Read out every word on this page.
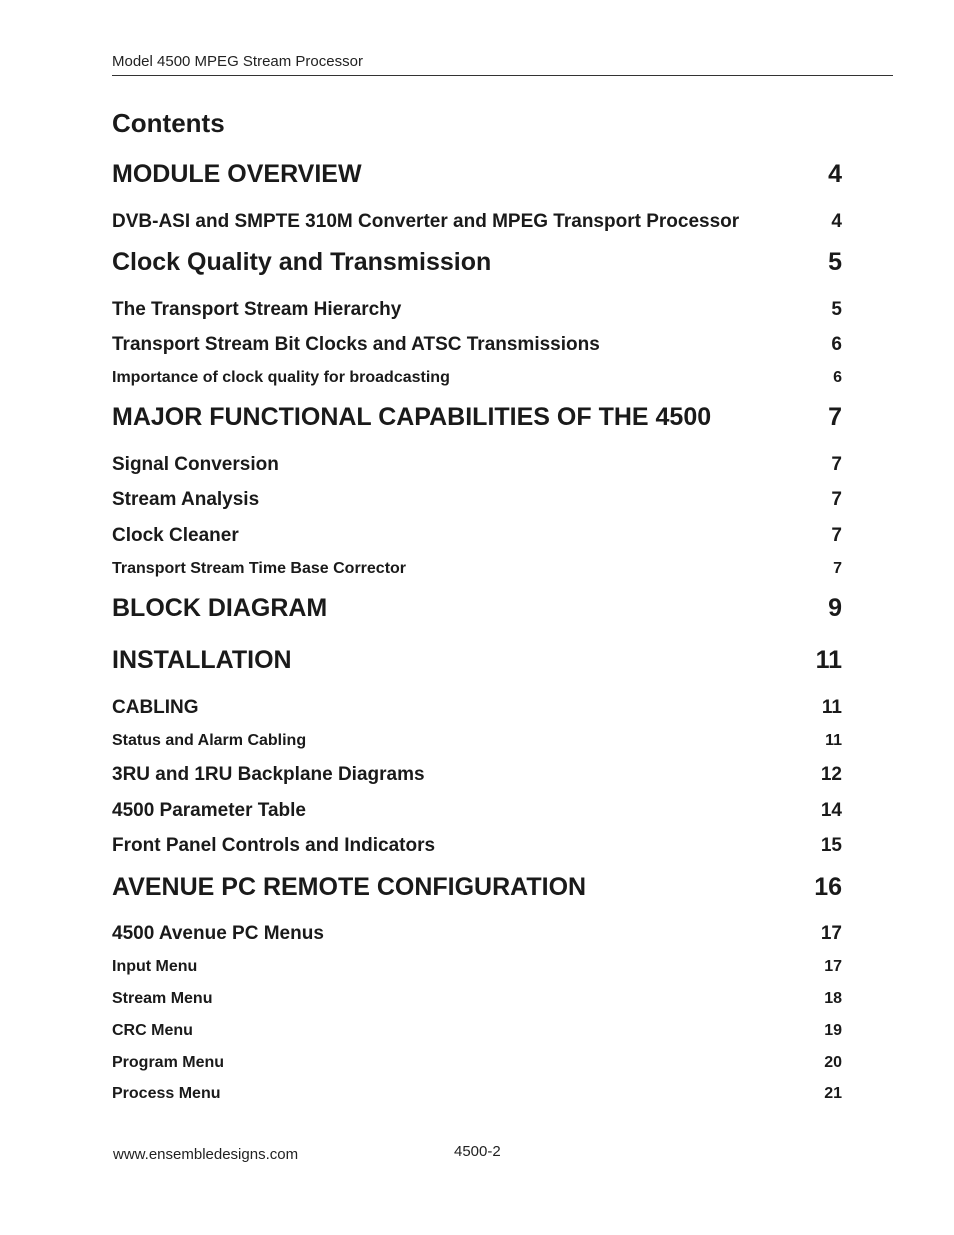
Model 4500 MPEG Stream Processor
Contents
MODULE OVERVIEW	4
DVB-ASI and SMPTE 310M Converter and MPEG Transport Processor	4
Clock Quality and Transmission	5
The Transport Stream Hierarchy	5
Transport Stream Bit Clocks and ATSC Transmissions	6
Importance of clock quality for broadcasting	6
MAJOR FUNCTIONAL CAPABILITIES OF THE 4500	7
Signal Conversion	7
Stream Analysis	7
Clock Cleaner	7
Transport Stream Time Base Corrector	7
BLOCK DIAGRAM	9
INSTALLATION	11
CABLING	11
Status and Alarm Cabling	11
3RU and 1RU Backplane Diagrams	12
4500 Parameter Table	14
Front Panel Controls and Indicators	15
AVENUE PC REMOTE CONFIGURATION	16
4500 Avenue PC Menus	17
Input Menu	17
Stream Menu	18
CRC Menu	19
Program Menu	20
Process Menu	21
www.ensembledesigns.com	4500-2
